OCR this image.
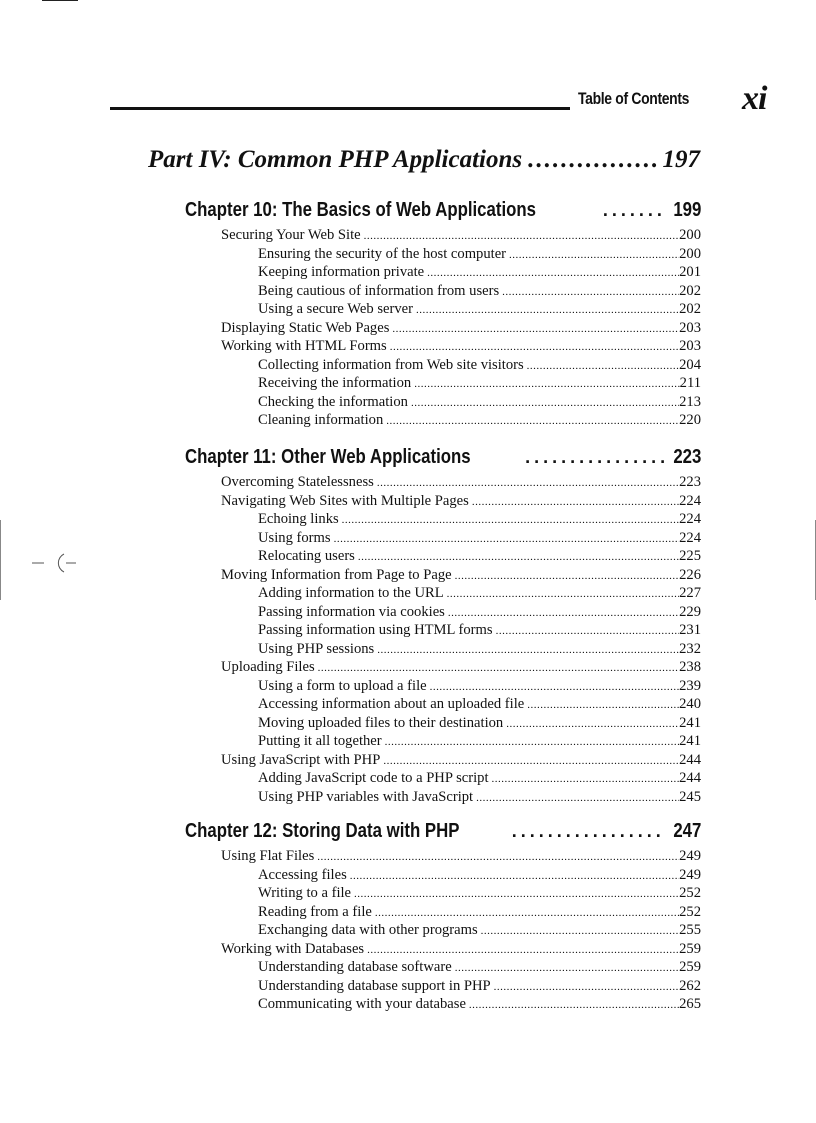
Table of Contents xi
Part IV: Common PHP Applications .....	197
Chapter 10: The Basics of Web Applications .....	199
Securing Your Web Site .....	200
Ensuring the security of the host computer .....	200
Keeping information private .....	201
Being cautious of information from users .....	202
Using a secure Web server .....	202
Displaying Static Web Pages .....	203
Working with HTML Forms .....	203
Collecting information from Web site visitors .....	204
Receiving the information .....	211
Checking the information .....	213
Cleaning information .....	220
Chapter 11: Other Web Applications .....	223
Overcoming Statelessness .....	223
Navigating Web Sites with Multiple Pages .....	224
Echoing links .....	224
Using forms .....	224
Relocating users .....	225
Moving Information from Page to Page .....	226
Adding information to the URL .....	227
Passing information via cookies .....	229
Passing information using HTML forms .....	231
Using PHP sessions .....	232
Uploading Files .....	238
Using a form to upload a file .....	239
Accessing information about an uploaded file .....	240
Moving uploaded files to their destination .....	241
Putting it all together .....	241
Using JavaScript with PHP .....	244
Adding JavaScript code to a PHP script .....	244
Using PHP variables with JavaScript .....	245
Chapter 12: Storing Data with PHP .....	247
Using Flat Files .....	249
Accessing files .....	249
Writing to a file .....	252
Reading from a file .....	252
Exchanging data with other programs .....	255
Working with Databases .....	259
Understanding database software .....	259
Understanding database support in PHP .....	262
Communicating with your database .....	265
